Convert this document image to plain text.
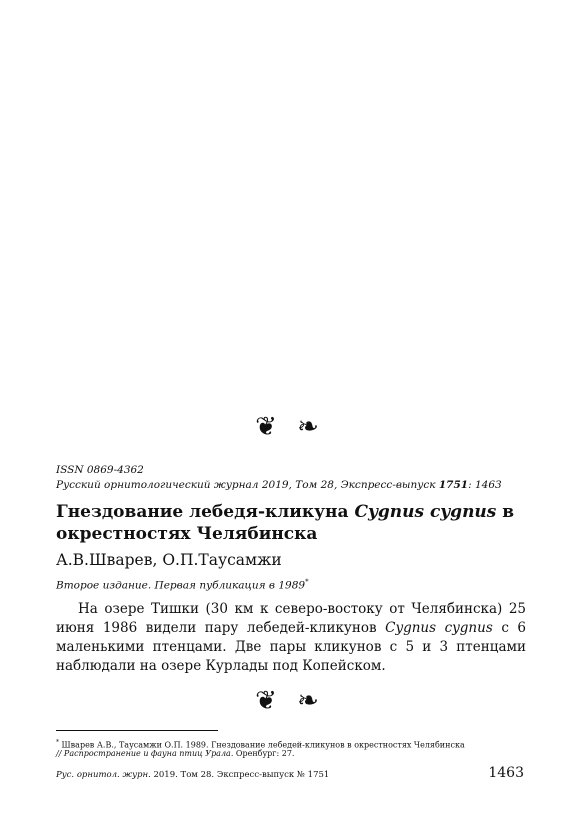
❦ ❧
ISSN 0869-4362
Русский орнитологический журнал 2019, Том 28, Экспресс-выпуск 1751: 1463
Гнездование лебедя-кликуна Cygnus cygnus в окрестностях Челябинска
А.В.Шварев, О.П.Таусамжи
Второе издание. Первая публикация в 1989*
На озере Тишки (30 км к северо-востоку от Челябинска) 25 июня 1986 видели пару лебедей-кликунов Cygnus cygnus с 6 маленькими птенцами. Две пары кликунов с 5 и 3 птенцами наблюдали на озере Курлады под Копейском.
❦ ❧
* Шварев А.В., Таусамжи О.П. 1989. Гнездование лебедей-кликунов в окрестностях Челябинска
// Распространение и фауна птиц Урала. Оренбург: 27.
Рус. орнитол. журн. 2019. Том 28. Экспресс-выпуск № 1751	1463
